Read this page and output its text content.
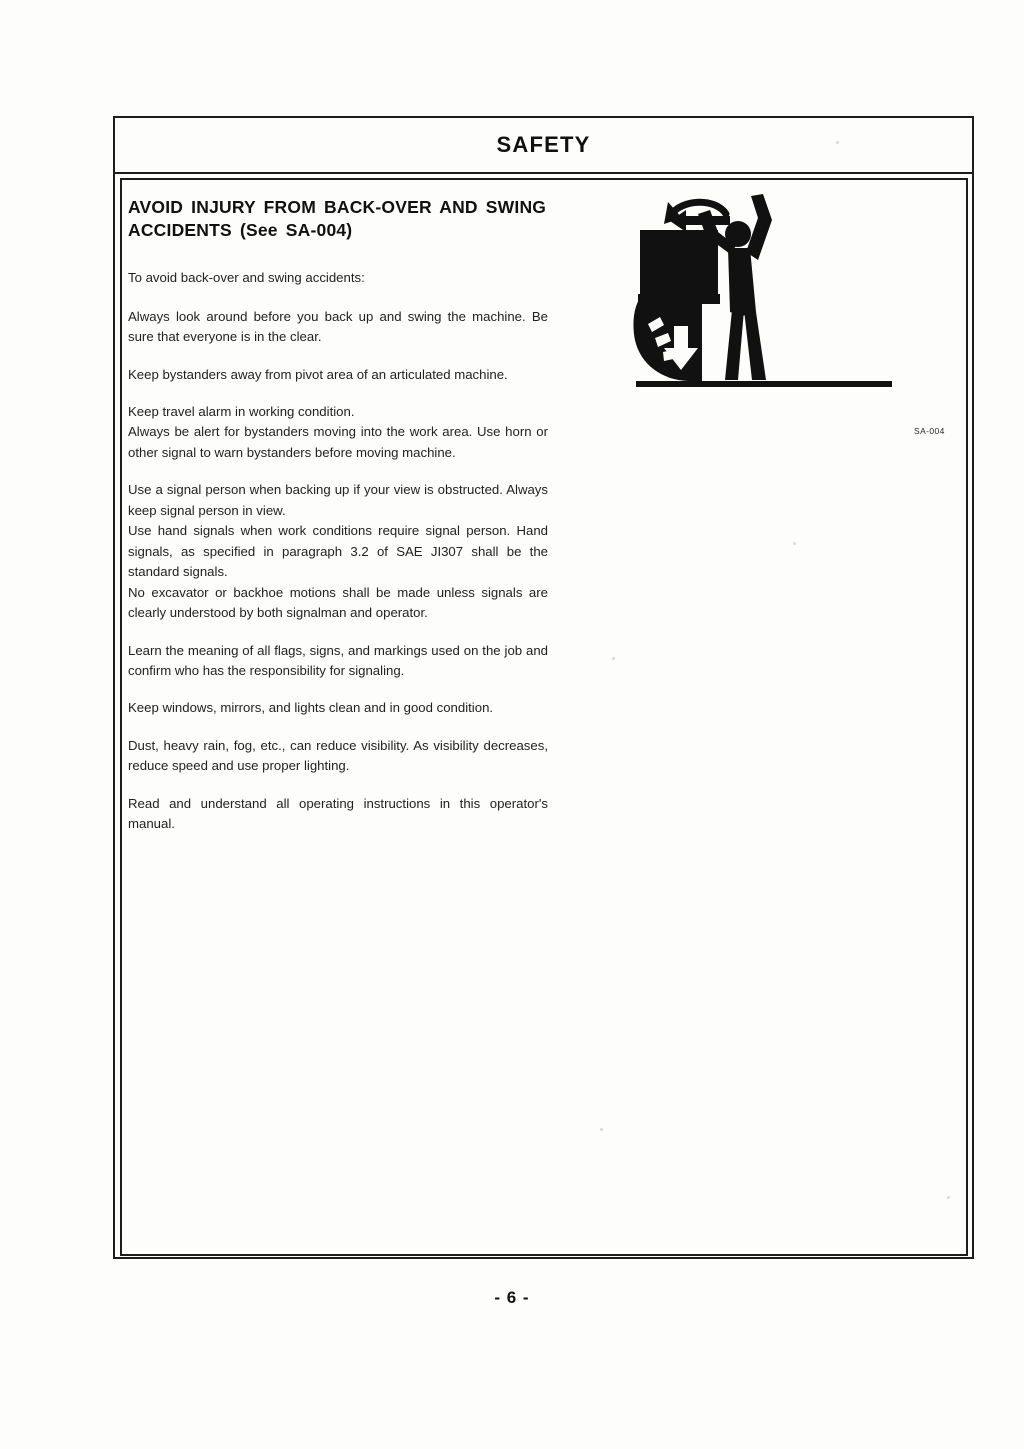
SAFETY
AVOID INJURY FROM BACK-OVER AND SWING ACCIDENTS (See SA-004)

To avoid back-over and swing accidents:

Always look around before you back up and swing the machine. Be sure that everyone is in the clear.

Keep bystanders away from pivot area of an articulated machine.

Keep travel alarm in working condition.

Always be alert for bystanders moving into the work area. Use horn or other signal to warn bystanders before moving machine.

Use a signal person when backing up if your view is obstructed. Always keep signal person in view.

Use hand signals when work conditions require signal person. Hand signals, as specified in paragraph 3.2 of SAE JI307 shall be the standard signals.

No excavator or backhoe motions shall be made unless signals are clearly understood by both signalman and operator.

Learn the meaning of all flags, signs, and markings used on the job and confirm who has the responsibility for signaling.

Keep windows, mirrors, and lights clean and in good condition.

Dust, heavy rain, fog, etc., can reduce visibility. As visibility decreases, reduce speed and use proper lighting.

Read and understand all operating instructions in this operator's manual.

SA-004
- 6 -
